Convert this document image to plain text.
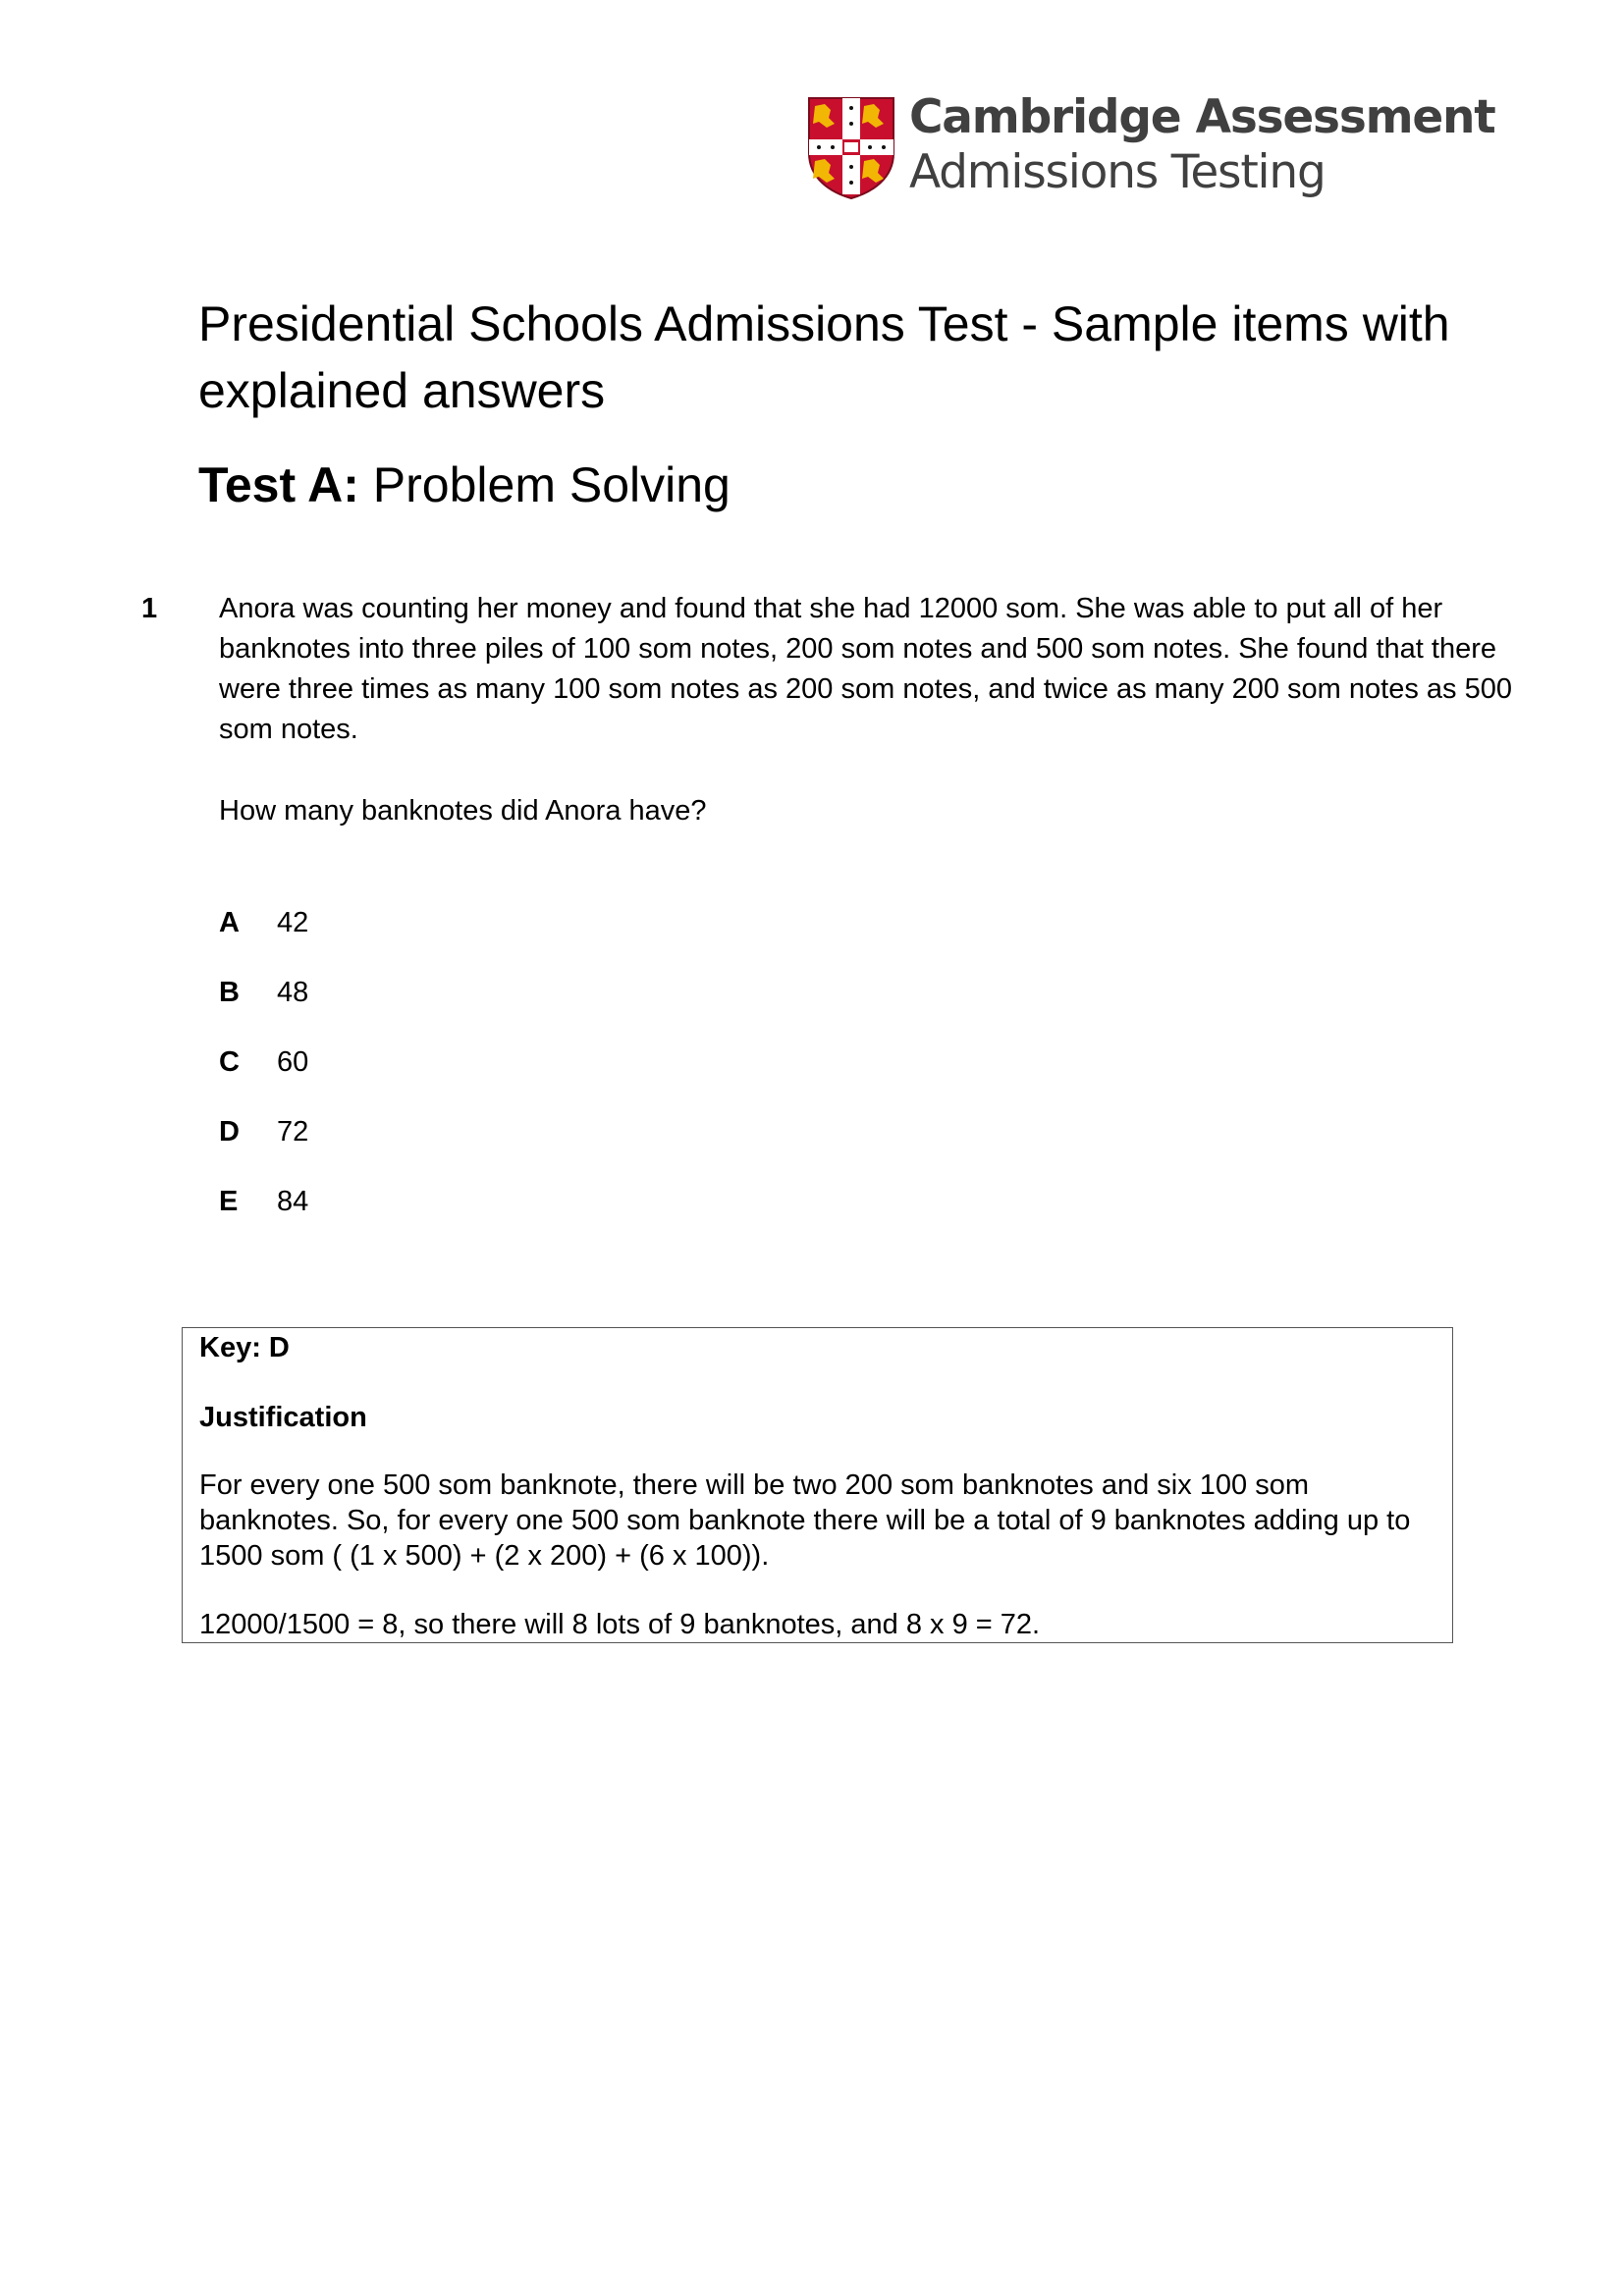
Cambridge Assessment
Admissions Testing
Presidential Schools Admissions Test - Sample items with explained answers
Test A: Problem Solving
1 Anora was counting her money and found that she had 12000 som. She was able to put all of her banknotes into three piles of 100 som notes, 200 som notes and 500 som notes. She found that there were three times as many 100 som notes as 200 som notes, and twice as many 200 som notes as 500 som notes.

How many banknotes did Anora have?

A 42
B 48
C 60
D 72
E 84
Key: D
Justification

For every one 500 som banknote, there will be two 200 som banknotes and six 100 som banknotes. So, for every one 500 som banknote there will be a total of 9 banknotes adding up to 1500 som ( (1 x 500) + (2 x 200) + (6 x 100)).

12000/1500 = 8, so there will 8 lots of 9 banknotes, and 8 x 9 = 72.
